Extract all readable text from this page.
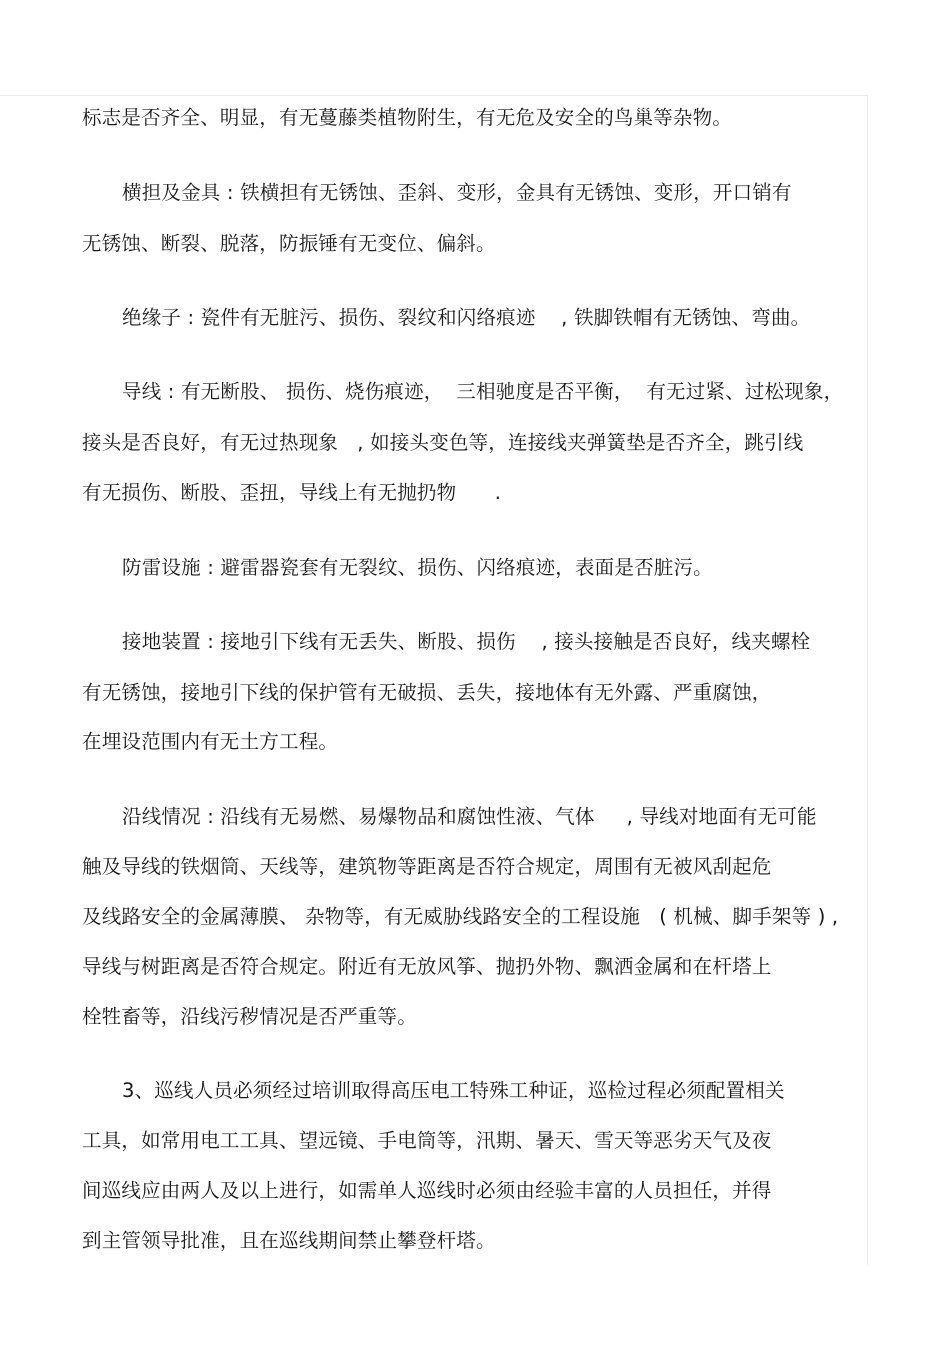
标志是否齐全、明显，有无蔓藤类植物附生，有无危及安全的鸟巢等杂物。
横担及金具 : 铁横担有无锈蚀、歪斜、变形，金具有无锈蚀、变形，开口销有
无锈蚀、断裂、脱落，防振锤有无变位、偏斜。
绝缘子 : 瓷件有无脏污、损伤、裂纹和闪络痕迹    , 铁脚铁帽有无锈蚀、弯曲。
导线 : 有无断股、 损伤、烧伤痕迹，  三相驰度是否平衡，  有无过紧、过松现象，
接头是否良好，有无过热现象   , 如接头变色等，连接线夹弹簧垫是否齐全，跳引线
有无损伤、断股、歪扭，导线上有无抛扔物      .
防雷设施 : 避雷器瓷套有无裂纹、损伤、闪络痕迹，表面是否脏污。
接地装置 : 接地引下线有无丢失、断股、损伤    , 接头接触是否良好，线夹螺栓
有无锈蚀，接地引下线的保护管有无破损、丢失，接地体有无外露、严重腐蚀，
在埋设范围内有无土方工程。
沿线情况 : 沿线有无易燃、易爆物品和腐蚀性液、气体     , 导线对地面有无可能
触及导线的铁烟筒、天线等，建筑物等距离是否符合规定，周围有无被风刮起危
及线路安全的金属薄膜、 杂物等，有无威胁线路安全的工程设施   ( 机械、脚手架等 ) ,
导线与树距离是否符合规定。附近有无放风筝、抛扔外物、飘洒金属和在杆塔上
栓牲畜等，沿线污秽情况是否严重等。
3、巡线人员必须经过培训取得高压电工特殊工种证，巡检过程必须配置相关
工具，如常用电工工具、望远镜、手电筒等，汛期、暑天、雪天等恶劣天气及夜
间巡线应由两人及以上进行，如需单人巡线时必须由经验丰富的人员担任，并得
到主管领导批准，且在巡线期间禁止攀登杆塔。
